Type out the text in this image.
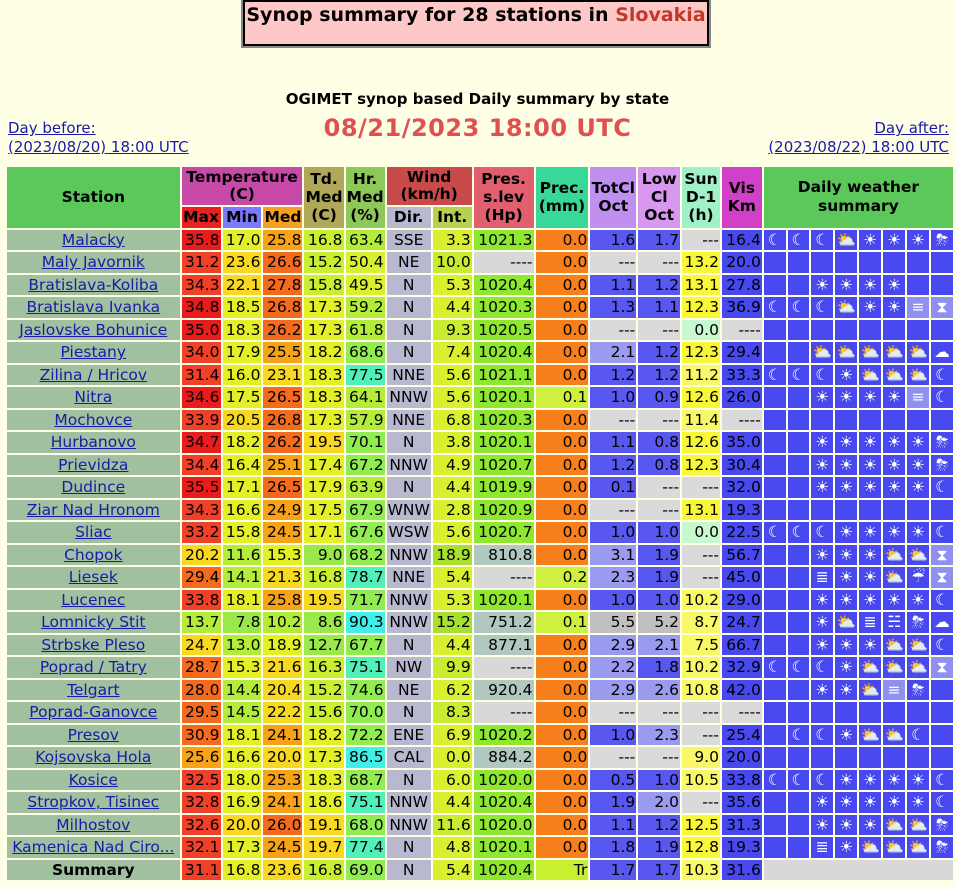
Synop summary for 28 stations in Slovakia
OGIMET synop based Daily summary by state
08/21/2023 18:00 UTC
Day before:
(2023/08/20) 18:00 UTC
Day after:
(2023/08/22) 18:00 UTC
Station	Temperature (C)			Td. Med (C)	Hr. Med (%)	Wind (km/h)		Pres. s.lev (Hp)	Prec. (mm)	TotCl Oct	Low Cl Oct	Sun D-1 (h)	Vis Km	Daily weather summary							
	Max	Min	Med			Dir.	Int.														
Malacky	35.8	17.0	25.8	16.8	63.4	SSE	3.3	1021.3	0.0	1.6	1.7	---	16.4	☾	☾	☾	⛅	☀	☀	☀	⛈
Maly Javornik	31.2	23.6	26.6	15.2	50.4	NE	10.0	----	0.0	---	---	13.2	20.0								
Bratislava-Koliba	34.3	22.1	27.8	15.8	49.5	N	5.3	1020.4	0.0	1.1	1.2	13.1	27.8			☀	☀	☀	☀		
Bratislava Ivanka	34.8	18.5	26.8	17.3	59.2	N	4.4	1020.3	0.0	1.3	1.1	12.3	36.9	☾	☾	☾	⛅	☀	☀	≡	⧗
Jaslovske Bohunice	35.0	18.3	26.2	17.3	61.8	N	9.3	1020.5	0.0	---	---	0.0	----								
Piestany	34.0	17.9	25.5	18.2	68.6	N	7.4	1020.4	0.0	2.1	1.2	12.3	29.4			⛅	⛅	⛅	⛅	⛅	☁
Zilina / Hricov	31.4	16.0	23.1	18.3	77.5	NNE	5.6	1021.1	0.0	1.2	1.2	11.2	33.3	☾	☾	☾	☀	⛅	⛅	⛅	☾
Nitra	34.6	17.5	26.5	18.3	64.1	NNW	5.6	1020.1	0.1	1.0	0.9	12.6	26.0			☀	☀	☀	☀	≡	☾
Mochovce	33.9	20.5	26.8	17.3	57.9	NNE	6.8	1020.3	0.0	---	---	11.4	----								
Hurbanovo	34.7	18.2	26.2	19.5	70.1	N	3.8	1020.1	0.0	1.1	0.8	12.6	35.0			☀	☀	☀	☀	☀	⛈
Prievidza	34.4	16.4	25.1	17.4	67.2	NNW	4.9	1020.7	0.0	1.2	0.8	12.3	30.4			☀	☀	☀	☀	☀	⛈
Dudince	35.5	17.1	26.5	17.9	63.9	N	4.4	1019.9	0.0	0.1	---	---	32.0			☀	☀	☀	☀	☀	☾
Ziar Nad Hronom	34.3	16.6	24.9	17.5	67.9	WNW	2.8	1020.9	0.0	---	---	13.1	19.3								
Sliac	33.2	15.8	24.5	17.1	67.6	WSW	5.6	1020.7	0.0	1.0	1.0	0.0	22.5	☾	☾	☾	☀	☀	☀	☀	☾
Chopok	20.2	11.6	15.3	9.0	68.2	NNW	18.9	810.8	0.0	3.1	1.9	---	56.7			☀	☀	☀	⛅	⛅	⧗
Liesek	29.4	14.1	21.3	16.8	78.7	NNE	5.4	----	0.2	2.3	1.9	---	45.0			≣	☀	☀	⛅	☔	⧗
Lucenec	33.8	18.1	25.8	19.5	71.7	NNW	5.3	1020.1	0.0	1.0	1.0	10.2	29.0			☀	☀	☀	☀	☀	☾
Lomnicky Stit	13.7	7.8	10.2	8.6	90.3	NNW	15.2	751.2	0.1	5.5	5.2	8.7	24.7			☀	⛅	≣	☵	⛈	☁
Strbske Pleso	24.7	13.0	18.9	12.7	67.7	N	4.4	877.1	0.0	2.9	2.1	7.5	66.7			☀	☀	☀	⛅	⛅	☾
Poprad / Tatry	28.7	15.3	21.6	16.3	75.1	NW	9.9	----	0.0	2.2	1.8	10.2	32.9	☾	☾	☾	☀	⛅	⛅	⛅	⧗
Telgart	28.0	14.4	20.4	15.2	74.6	NE	6.2	920.4	0.0	2.9	2.6	10.8	42.0			☀	☀	⛅	≡	⛈	
Poprad-Ganovce	29.5	14.5	22.2	15.6	70.0	N	8.3	----	0.0	---	---	---	----								
Presov	30.9	18.1	24.1	18.2	72.2	ENE	6.9	1020.2	0.0	1.0	2.3	---	25.4		☾	☾	☀	⛅	⛅	☾	
Kojsovska Hola	25.6	16.6	20.0	17.3	86.5	CAL	0.0	884.2	0.0	---	---	9.0	20.0								
Kosice	32.5	18.0	25.3	18.3	68.7	N	6.0	1020.0	0.0	0.5	1.0	10.5	33.8	☾	☾	☾	☀	☀	☀	☀	☾
Stropkov, Tisinec	32.8	16.9	24.1	18.6	75.1	NNW	4.4	1020.4	0.0	1.9	2.0	---	35.6			☀	☀	☀	☀	☀	☾
Milhostov	32.6	20.0	26.0	19.1	68.0	NNW	11.6	1020.0	0.0	1.1	1.2	12.5	31.3			☀	☀	☀	⛅	⛅	⛈
Kamenica Nad Ciro...	32.1	17.3	24.5	19.7	77.4	N	4.8	1020.1	0.0	1.8	1.9	12.8	19.3			≣	☀	⛅	⛅	⛅	⛈
Summary	31.1	16.8	23.6	16.8	69.0	N	5.4	1020.4	Tr	1.7	1.7	10.3	31.6								
